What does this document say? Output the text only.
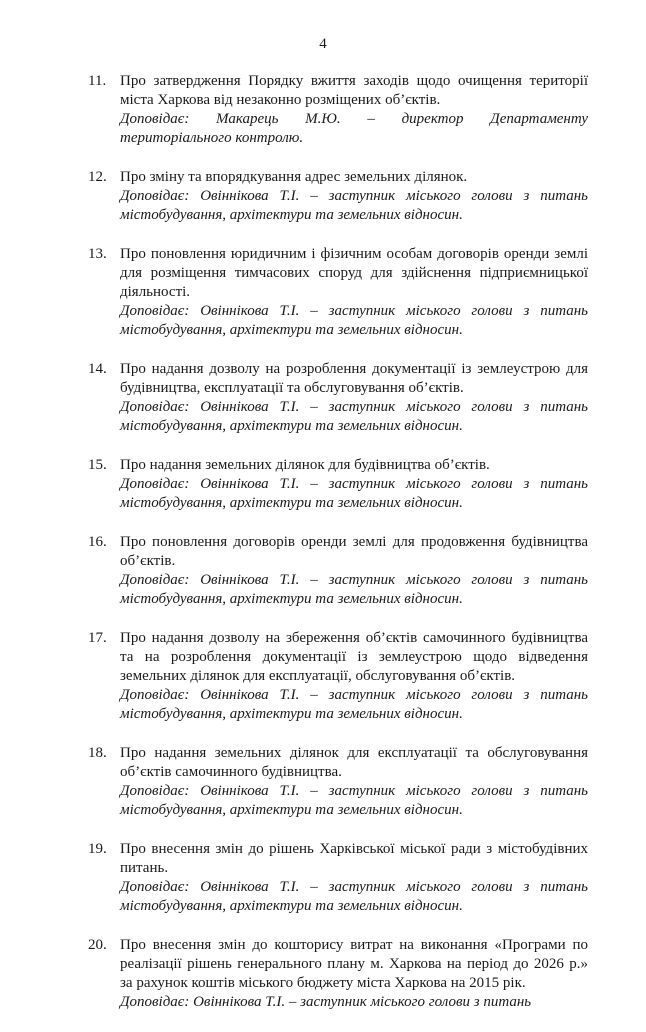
4
11. Про затвердження Порядку вжиття заходів щодо очищення території міста Харкова від незаконно розміщених об’єктів.
Доповідає: Макарець М.Ю. – директор Департаменту територіального контролю.
12. Про зміну та впорядкування адрес земельних ділянок.
Доповідає: Овіннікова Т.І. – заступник міського голови з питань містобудування, архітектури та земельних відносин.
13. Про поновлення юридичним і фізичним особам договорів оренди землі для розміщення тимчасових споруд для здійснення підприємницької діяльності.
Доповідає: Овіннікова Т.І. – заступник міського голови з питань містобудування, архітектури та земельних відносин.
14. Про надання дозволу на розроблення документації із землеустрою для будівництва, експлуатації та обслуговування об’єктів.
Доповідає: Овіннікова Т.І. – заступник міського голови з питань містобудування, архітектури та земельних відносин.
15. Про надання земельних ділянок для будівництва об’єктів.
Доповідає: Овіннікова Т.І. – заступник міського голови з питань містобудування, архітектури та земельних відносин.
16. Про поновлення договорів оренди землі для продовження будівництва об’єктів.
Доповідає: Овіннікова Т.І. – заступник міського голови з питань містобудування, архітектури та земельних відносин.
17. Про надання дозволу на збереження об’єктів самочинного будівництва та на розроблення документації із землеустрою щодо відведення земельних ділянок для експлуатації, обслуговування об’єктів.
Доповідає: Овіннікова Т.І. – заступник міського голови з питань містобудування, архітектури та земельних відносин.
18. Про надання земельних ділянок для експлуатації та обслуговування об’єктів самочинного будівництва.
Доповідає: Овіннікова Т.І. – заступник міського голови з питань містобудування, архітектури та земельних відносин.
19. Про внесення змін до рішень Харківської міської ради з містобудівних питань.
Доповідає: Овіннікова Т.І. – заступник міського голови з питань містобудування, архітектури та земельних відносин.
20. Про внесення змін до кошторису витрат на виконання «Програми по реалізації рішень генерального плану м. Харкова на період до 2026 р.» за рахунок коштів міського бюджету міста Харкова на 2015 рік.
Доповідає: Овіннікова Т.І. – заступник міського голови з питань
